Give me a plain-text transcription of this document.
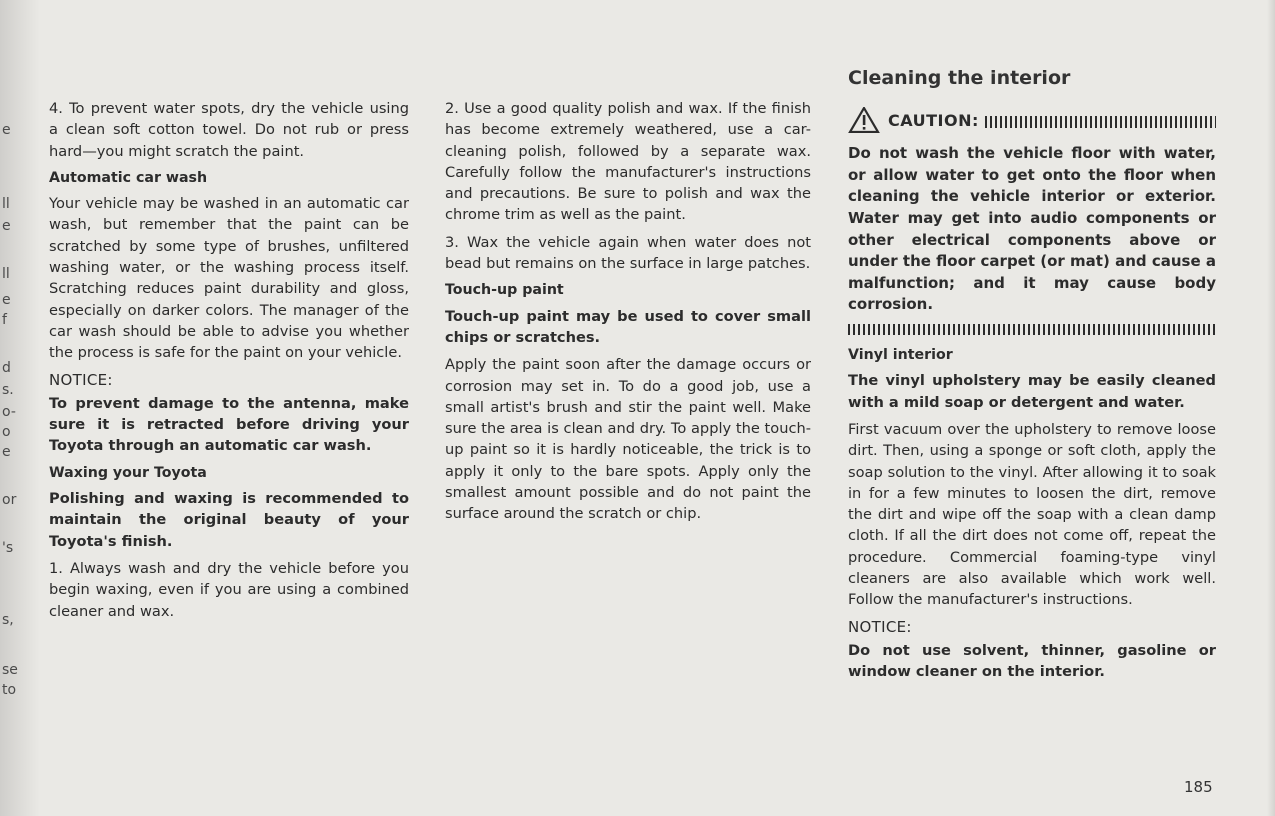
e
ll
e
ll
e
f
d
s.
o-
o
e
or
's
s,
se
to

4. To prevent water spots, dry the vehicle using a clean soft cotton towel. Do not rub or press hard—you might scratch the paint.

Automatic car wash

Your vehicle may be washed in an automatic car wash, but remember that the paint can be scratched by some type of brushes, unfiltered washing water, or the washing process itself. Scratching reduces paint durability and gloss, especially on darker colors. The manager of the car wash should be able to advise you whether the process is safe for the paint on your vehicle.

NOTICE:

To prevent damage to the antenna, make sure it is retracted before driving your Toyota through an automatic car wash.

Waxing your Toyota

Polishing and waxing is recommended to maintain the original beauty of your Toyota's finish.

1. Always wash and dry the vehicle before you begin waxing, even if you are using a combined cleaner and wax.

2. Use a good quality polish and wax. If the finish has become extremely weathered, use a car-cleaning polish, followed by a separate wax. Carefully follow the manufacturer's instructions and precautions. Be sure to polish and wax the chrome trim as well as the paint.

3. Wax the vehicle again when water does not bead but remains on the surface in large patches.

Touch-up paint

Touch-up paint may be used to cover small chips or scratches.

Apply the paint soon after the damage occurs or corrosion may set in. To do a good job, use a small artist's brush and stir the paint well. Make sure the area is clean and dry. To apply the touch-up paint so it is hardly noticeable, the trick is to apply it only to the bare spots. Apply only the smallest amount possible and do not paint the surface around the scratch or chip.

Cleaning the interior
CAUTION:

Do not wash the vehicle floor with water, or allow water to get onto the floor when cleaning the vehicle interior or exterior. Water may get into audio components or other electrical components above or under the floor carpet (or mat) and cause a malfunction; and it may cause body corrosion.

Vinyl interior

The vinyl upholstery may be easily cleaned with a mild soap or detergent and water.

First vacuum over the upholstery to remove loose dirt. Then, using a sponge or soft cloth, apply the soap solution to the vinyl. After allowing it to soak in for a few minutes to loosen the dirt, remove the dirt and wipe off the soap with a clean damp cloth. If all the dirt does not come off, repeat the procedure. Commercial foaming-type vinyl cleaners are also available which work well. Follow the manufacturer's instructions.

NOTICE:

Do not use solvent, thinner, gasoline or window cleaner on the interior.

185
